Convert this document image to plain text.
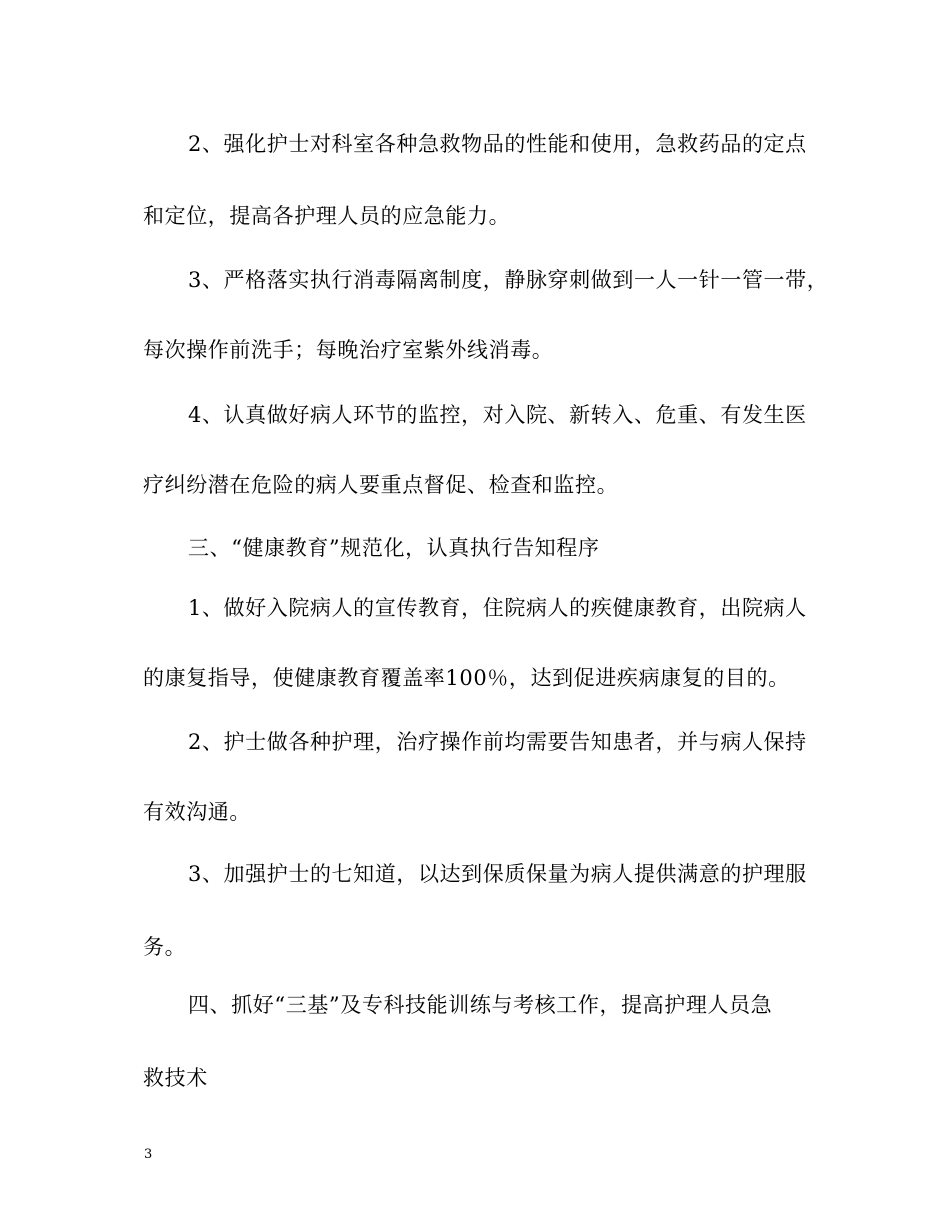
2、强化护士对科室各种急救物品的性能和使用，急救药品的定点
和定位，提高各护理人员的应急能力。
3、严格落实执行消毒隔离制度，静脉穿刺做到一人一针一管一带，
每次操作前洗手；每晚治疗室紫外线消毒。
4、认真做好病人环节的监控，对入院、新转入、危重、有发生医
疗纠纷潜在危险的病人要重点督促、检查和监控。
三、“健康教育”规范化，认真执行告知程序
1、做好入院病人的宣传教育，住院病人的疾健康教育，出院病人
的康复指导，使健康教育覆盖率100％，达到促进疾病康复的目的。
2、护士做各种护理，治疗操作前均需要告知患者，并与病人保持
有效沟通。
3、加强护士的七知道，以达到保质保量为病人提供满意的护理服
务。
四、抓好“三基”及专科技能训练与考核工作，提高护理人员急
救技术
3
